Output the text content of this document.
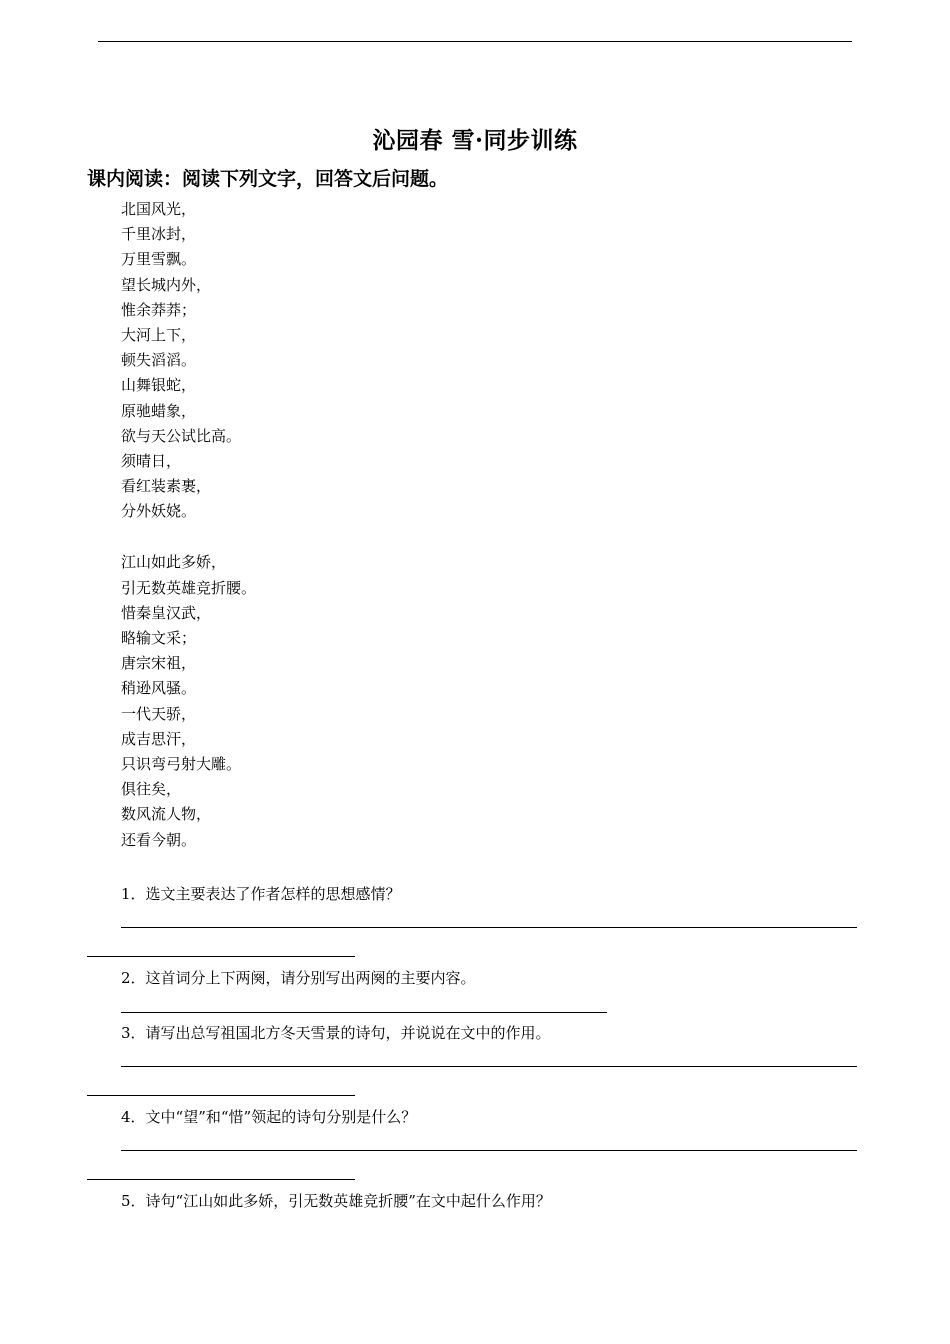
沁园春 雪·同步训练
课内阅读：阅读下列文字，回答文后问题。
北国风光，
千里冰封，
万里雪飘。
望长城内外，
惟余莽莽；
大河上下，
顿失滔滔。
山舞银蛇，
原驰蜡象，
欲与天公试比高。
须晴日，
看红装素裹，
分外妖娆。
江山如此多娇，
引无数英雄竞折腰。
惜秦皇汉武，
略输文采；
唐宗宋祖，
稍逊风骚。
一代天骄，
成吉思汗，
只识弯弓射大雕。
俱往矣，
数风流人物，
还看今朝。
1．选文主要表达了作者怎样的思想感情？
2．这首词分上下两阕，请分别写出两阕的主要内容。
3．请写出总写祖国北方冬天雪景的诗句，并说说在文中的作用。
4．文中“望”和“惜”领起的诗句分别是什么？
5．诗句“江山如此多娇，引无数英雄竞折腰”在文中起什么作用？
